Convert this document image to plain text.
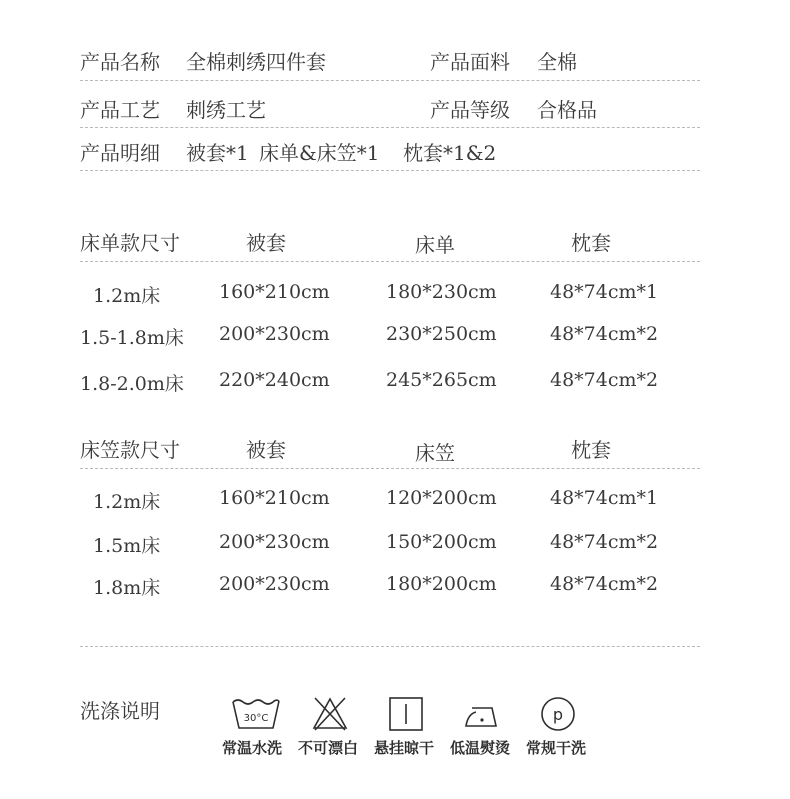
产品名称 全棉刺绣四件套	产品面料 全棉
产品工艺 刺绣工艺	产品等级 合格品
产品明细 被套*1 床单&床笠*1 枕套*1&2
床单款尺寸	被套	床单	枕套
1.2m床	160*210cm	180*230cm	48*74cm*1
1.5-1.8m床 200*230cm	230*250cm	48*74cm*2
1.8-2.0m床 220*240cm	245*265cm	48*74cm*2
床笠款尺寸	被套	床笠	枕套
1.2m床	160*210cm	120*200cm	48*74cm*1
1.5m床	200*230cm	150*200cm	48*74cm*2
1.8m床	200*230cm	180*200cm	48*74cm*2
洗涤说明	30°C	p
常温水洗 不可漂白 悬挂晾干 低温熨烫 常规干洗
